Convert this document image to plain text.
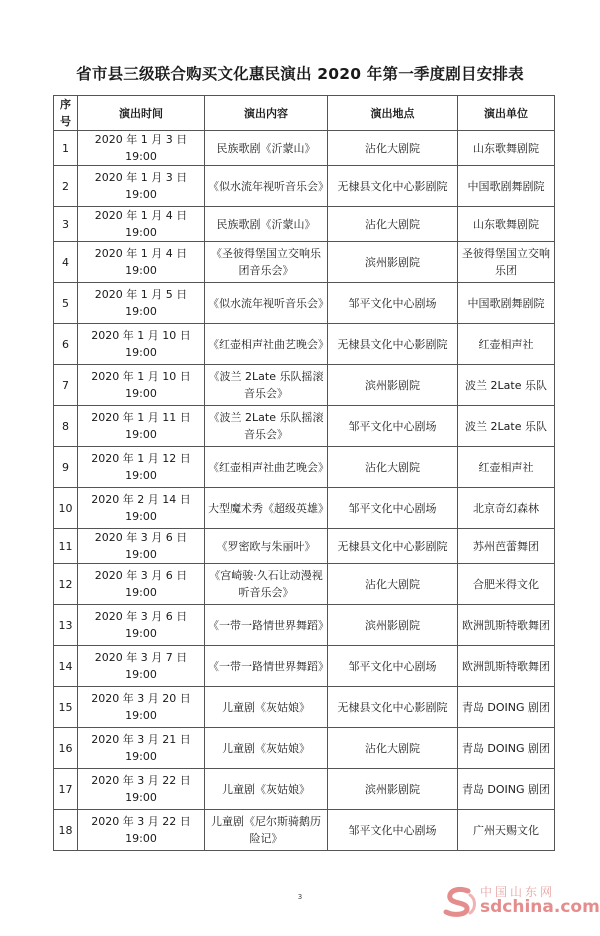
省市县三级联合购买文化惠民演出 2020 年第一季度剧目安排表
序号	演出时间	演出内容	演出地点	演出单位
1	2020 年 1 月 3 日 19:00	民族歌剧《沂蒙山》	沾化大剧院	山东歌舞剧院
2	2020 年 1 月 3 日 19:00	《似水流年视听音乐会》	无棣县文化中心影剧院	中国歌剧舞剧院
3	2020 年 1 月 4 日 19:00	民族歌剧《沂蒙山》	沾化大剧院	山东歌舞剧院
4	2020 年 1 月 4 日 19:00	《圣彼得堡国立交响乐团音乐会》	滨州影剧院	圣彼得堡国立交响乐团
5	2020 年 1 月 5 日 19:00	《似水流年视听音乐会》	邹平文化中心剧场	中国歌剧舞剧院
6	2020 年 1 月 10 日 19:00	《红壶相声社曲艺晚会》	无棣县文化中心影剧院	红壶相声社
7	2020 年 1 月 10 日 19:00	《波兰 2Late 乐队摇滚音乐会》	滨州影剧院	波兰 2Late 乐队
8	2020 年 1 月 11 日 19:00	《波兰 2Late 乐队摇滚音乐会》	邹平文化中心剧场	波兰 2Late 乐队
9	2020 年 1 月 12 日 19:00	《红壶相声社曲艺晚会》	沾化大剧院	红壶相声社
10	2020 年 2 月 14 日 19:00	大型魔术秀《超级英雄》	邹平文化中心剧场	北京奇幻森林
11	2020 年 3 月 6 日 19:00	《罗密欧与朱丽叶》	无棣县文化中心影剧院	苏州芭蕾舞团
12	2020 年 3 月 6 日 19:00	《宫崎骏·久石让动漫视听音乐会》	沾化大剧院	合肥米得文化
13	2020 年 3 月 6 日 19:00	《一带一路情世界舞蹈》	滨州影剧院	欧洲凯斯特歌舞团
14	2020 年 3 月 7 日 19:00	《一带一路情世界舞蹈》	邹平文化中心剧场	欧洲凯斯特歌舞团
15	2020 年 3 月 20 日 19:00	儿童剧《灰姑娘》	无棣县文化中心影剧院	青岛 DOING 剧团
16	2020 年 3 月 21 日 19:00	儿童剧《灰姑娘》	沾化大剧院	青岛 DOING 剧团
17	2020 年 3 月 22 日 19:00	儿童剧《灰姑娘》	滨州影剧院	青岛 DOING 剧团
18	2020 年 3 月 22 日 19:00	儿童剧《尼尔斯骑鹅历险记》	邹平文化中心剧场	广州天赐文化
3	中国山东网
sdchina.com
